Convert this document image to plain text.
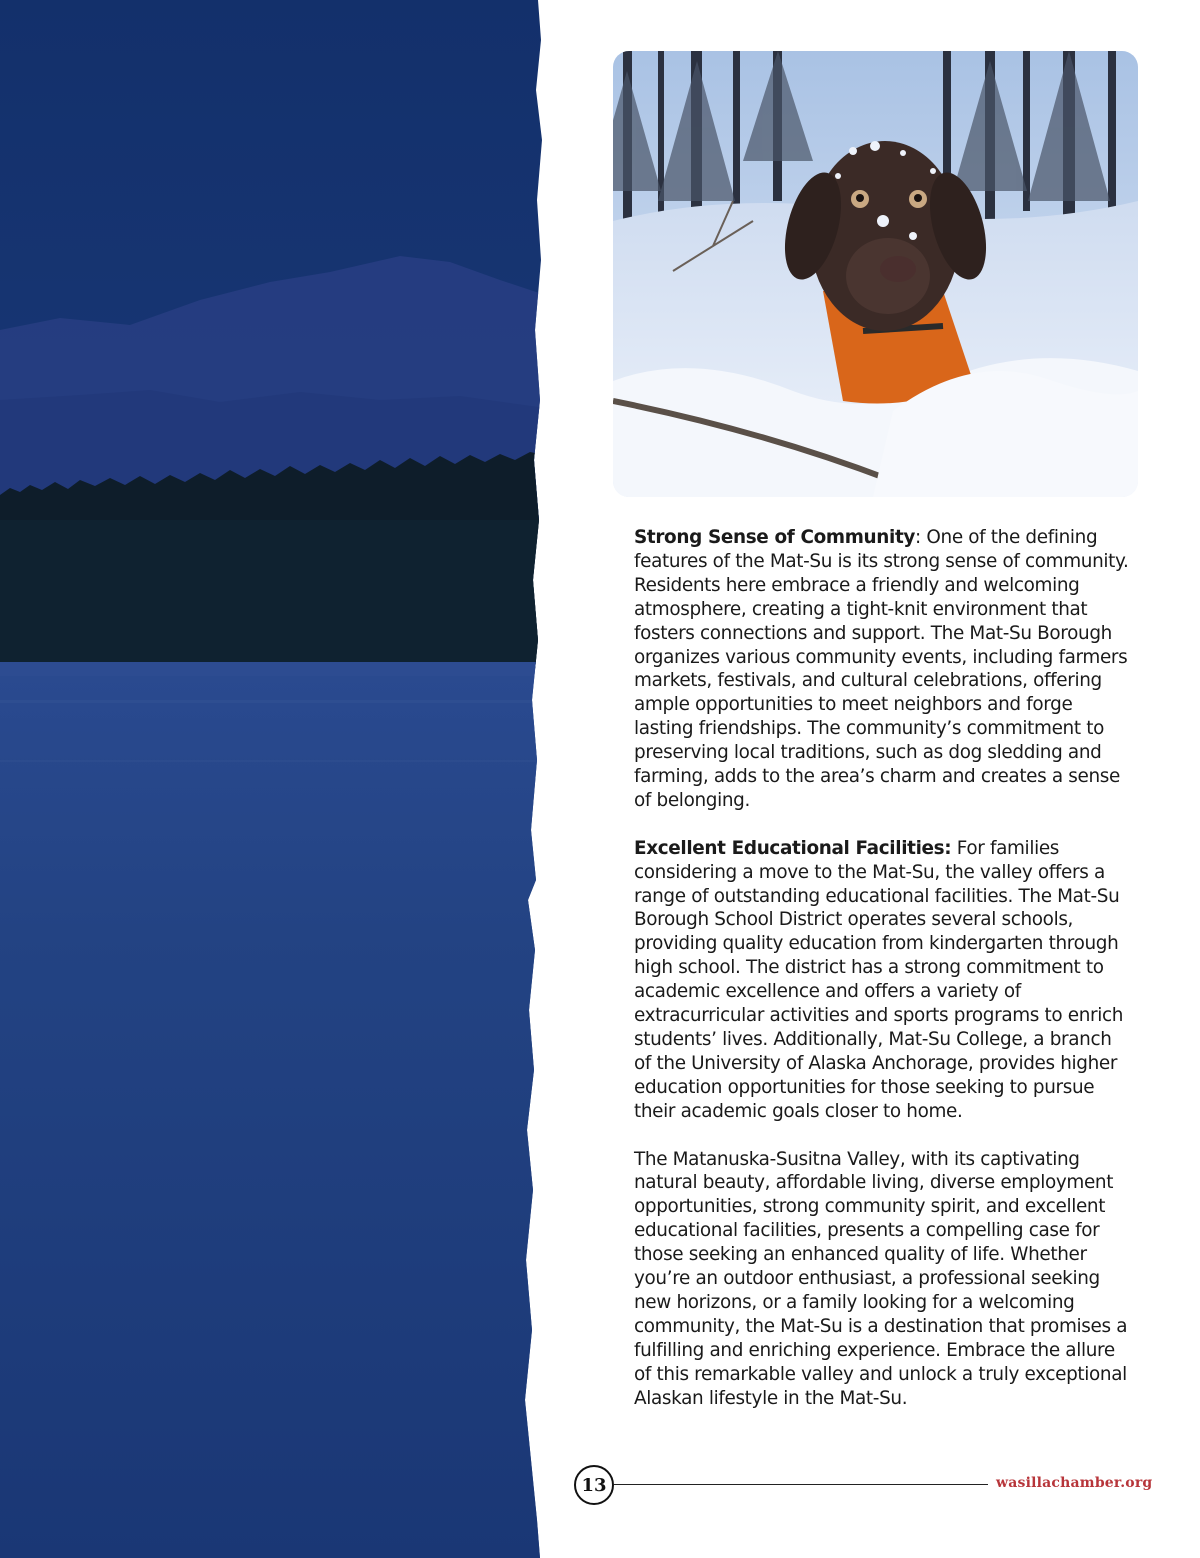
Strong Sense of Community: One of the defining features of the Mat-Su is its strong sense of community. Residents here embrace a friendly and welcoming atmosphere, creating a tight-knit environment that fosters connections and support. The Mat-Su Borough organizes various community events, including farmers markets, festivals, and cultural celebrations, offering ample opportunities to meet neighbors and forge lasting friendships. The community’s commitment to preserving local traditions, such as dog sledding and farming, adds to the area’s charm and creates a sense of belonging.

Excellent Educational Facilities: For families considering a move to the Mat-Su, the valley offers a range of outstanding educational facilities. The Mat-Su Borough School District operates several schools, providing quality education from kindergarten through high school. The district has a strong commitment to academic excellence and offers a variety of extracurricular activities and sports programs to enrich students’ lives. Additionally, Mat-Su College, a branch of the University of Alaska Anchorage, provides higher education opportunities for those seeking to pursue their academic goals closer to home.

The Matanuska-Susitna Valley, with its captivating natural beauty, affordable living, diverse employment opportunities, strong community spirit, and excellent educational facilities, presents a compelling case for those seeking an enhanced quality of life. Whether you’re an outdoor enthusiast, a professional seeking new horizons, or a family looking for a welcoming community, the Mat-Su is a destination that promises a fulfilling and enriching experience. Embrace the allure of this remarkable valley and unlock a truly exceptional Alaskan lifestyle in the Mat-Su.

13	wasillachamber.org
